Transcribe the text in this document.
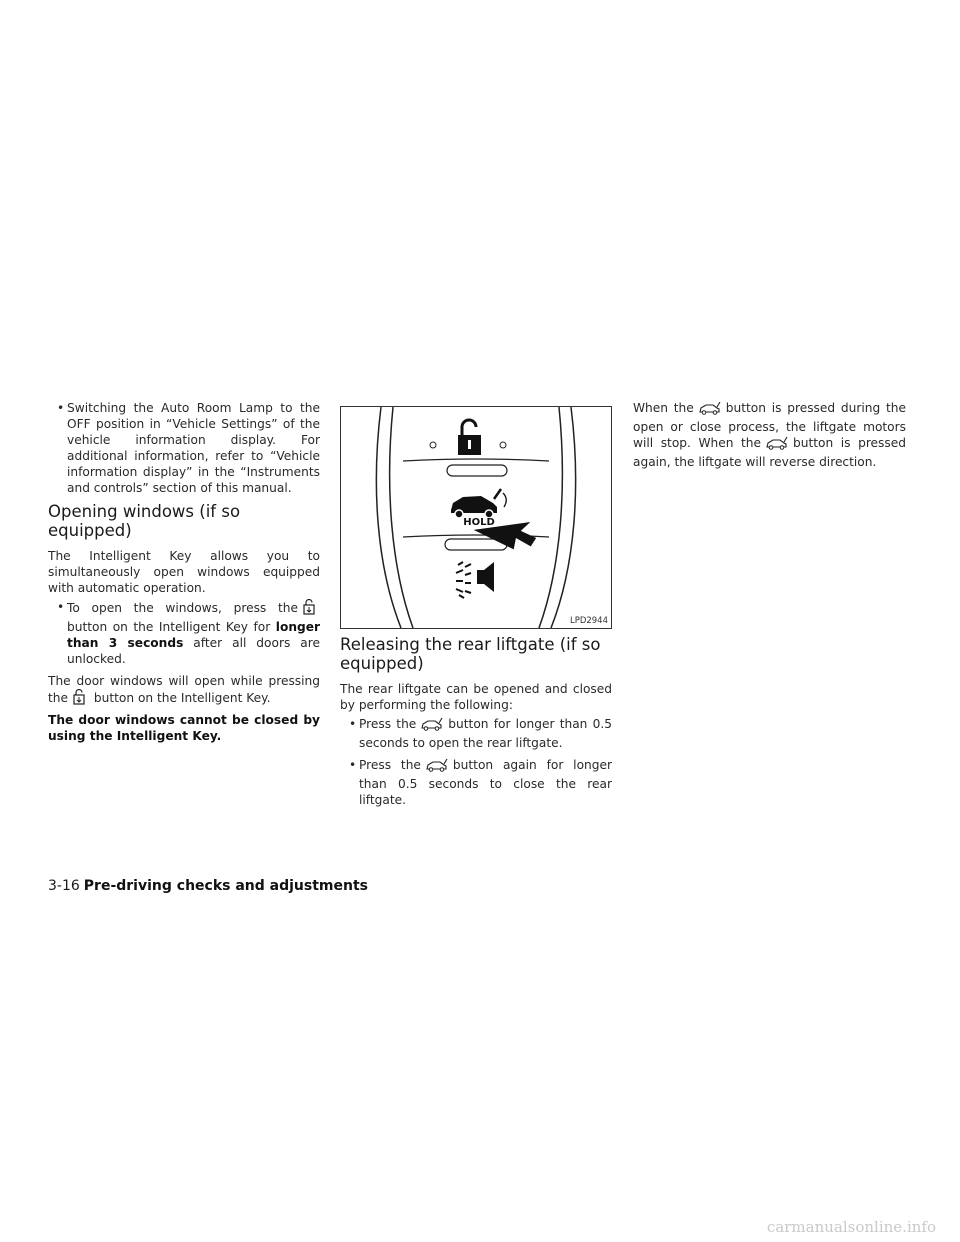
• Switching the Auto Room Lamp to the OFF position in “Vehicle Settings” of the vehicle information display. For additional information, refer to “Vehicle information display” in the “Instruments and controls” section of this manual.
Opening windows (if so equipped)

The Intelligent Key allows you to simultaneously open windows equipped with automatic operation.

• To open the windows, press the button on the Intelligent Key for longer than 3 seconds after all doors are unlocked.

The door windows will open while pressing the button on the Intelligent Key.

The door windows cannot be closed by using the Intelligent Key.

HOLD
LPD2944
Releasing the rear liftgate (if so equipped)

The rear liftgate can be opened and closed by performing the following:

• Press the	button for longer than 0.5 seconds to open the rear liftgate.
• Press the	button again for longer than 0.5 seconds to close the rear liftgate.

When the	button is pressed during the open or close process, the liftgate motors will stop. When the	button is pressed again, the liftgate will reverse direction.

3-16 Pre-driving checks and adjustments
carmanualsonline.info
